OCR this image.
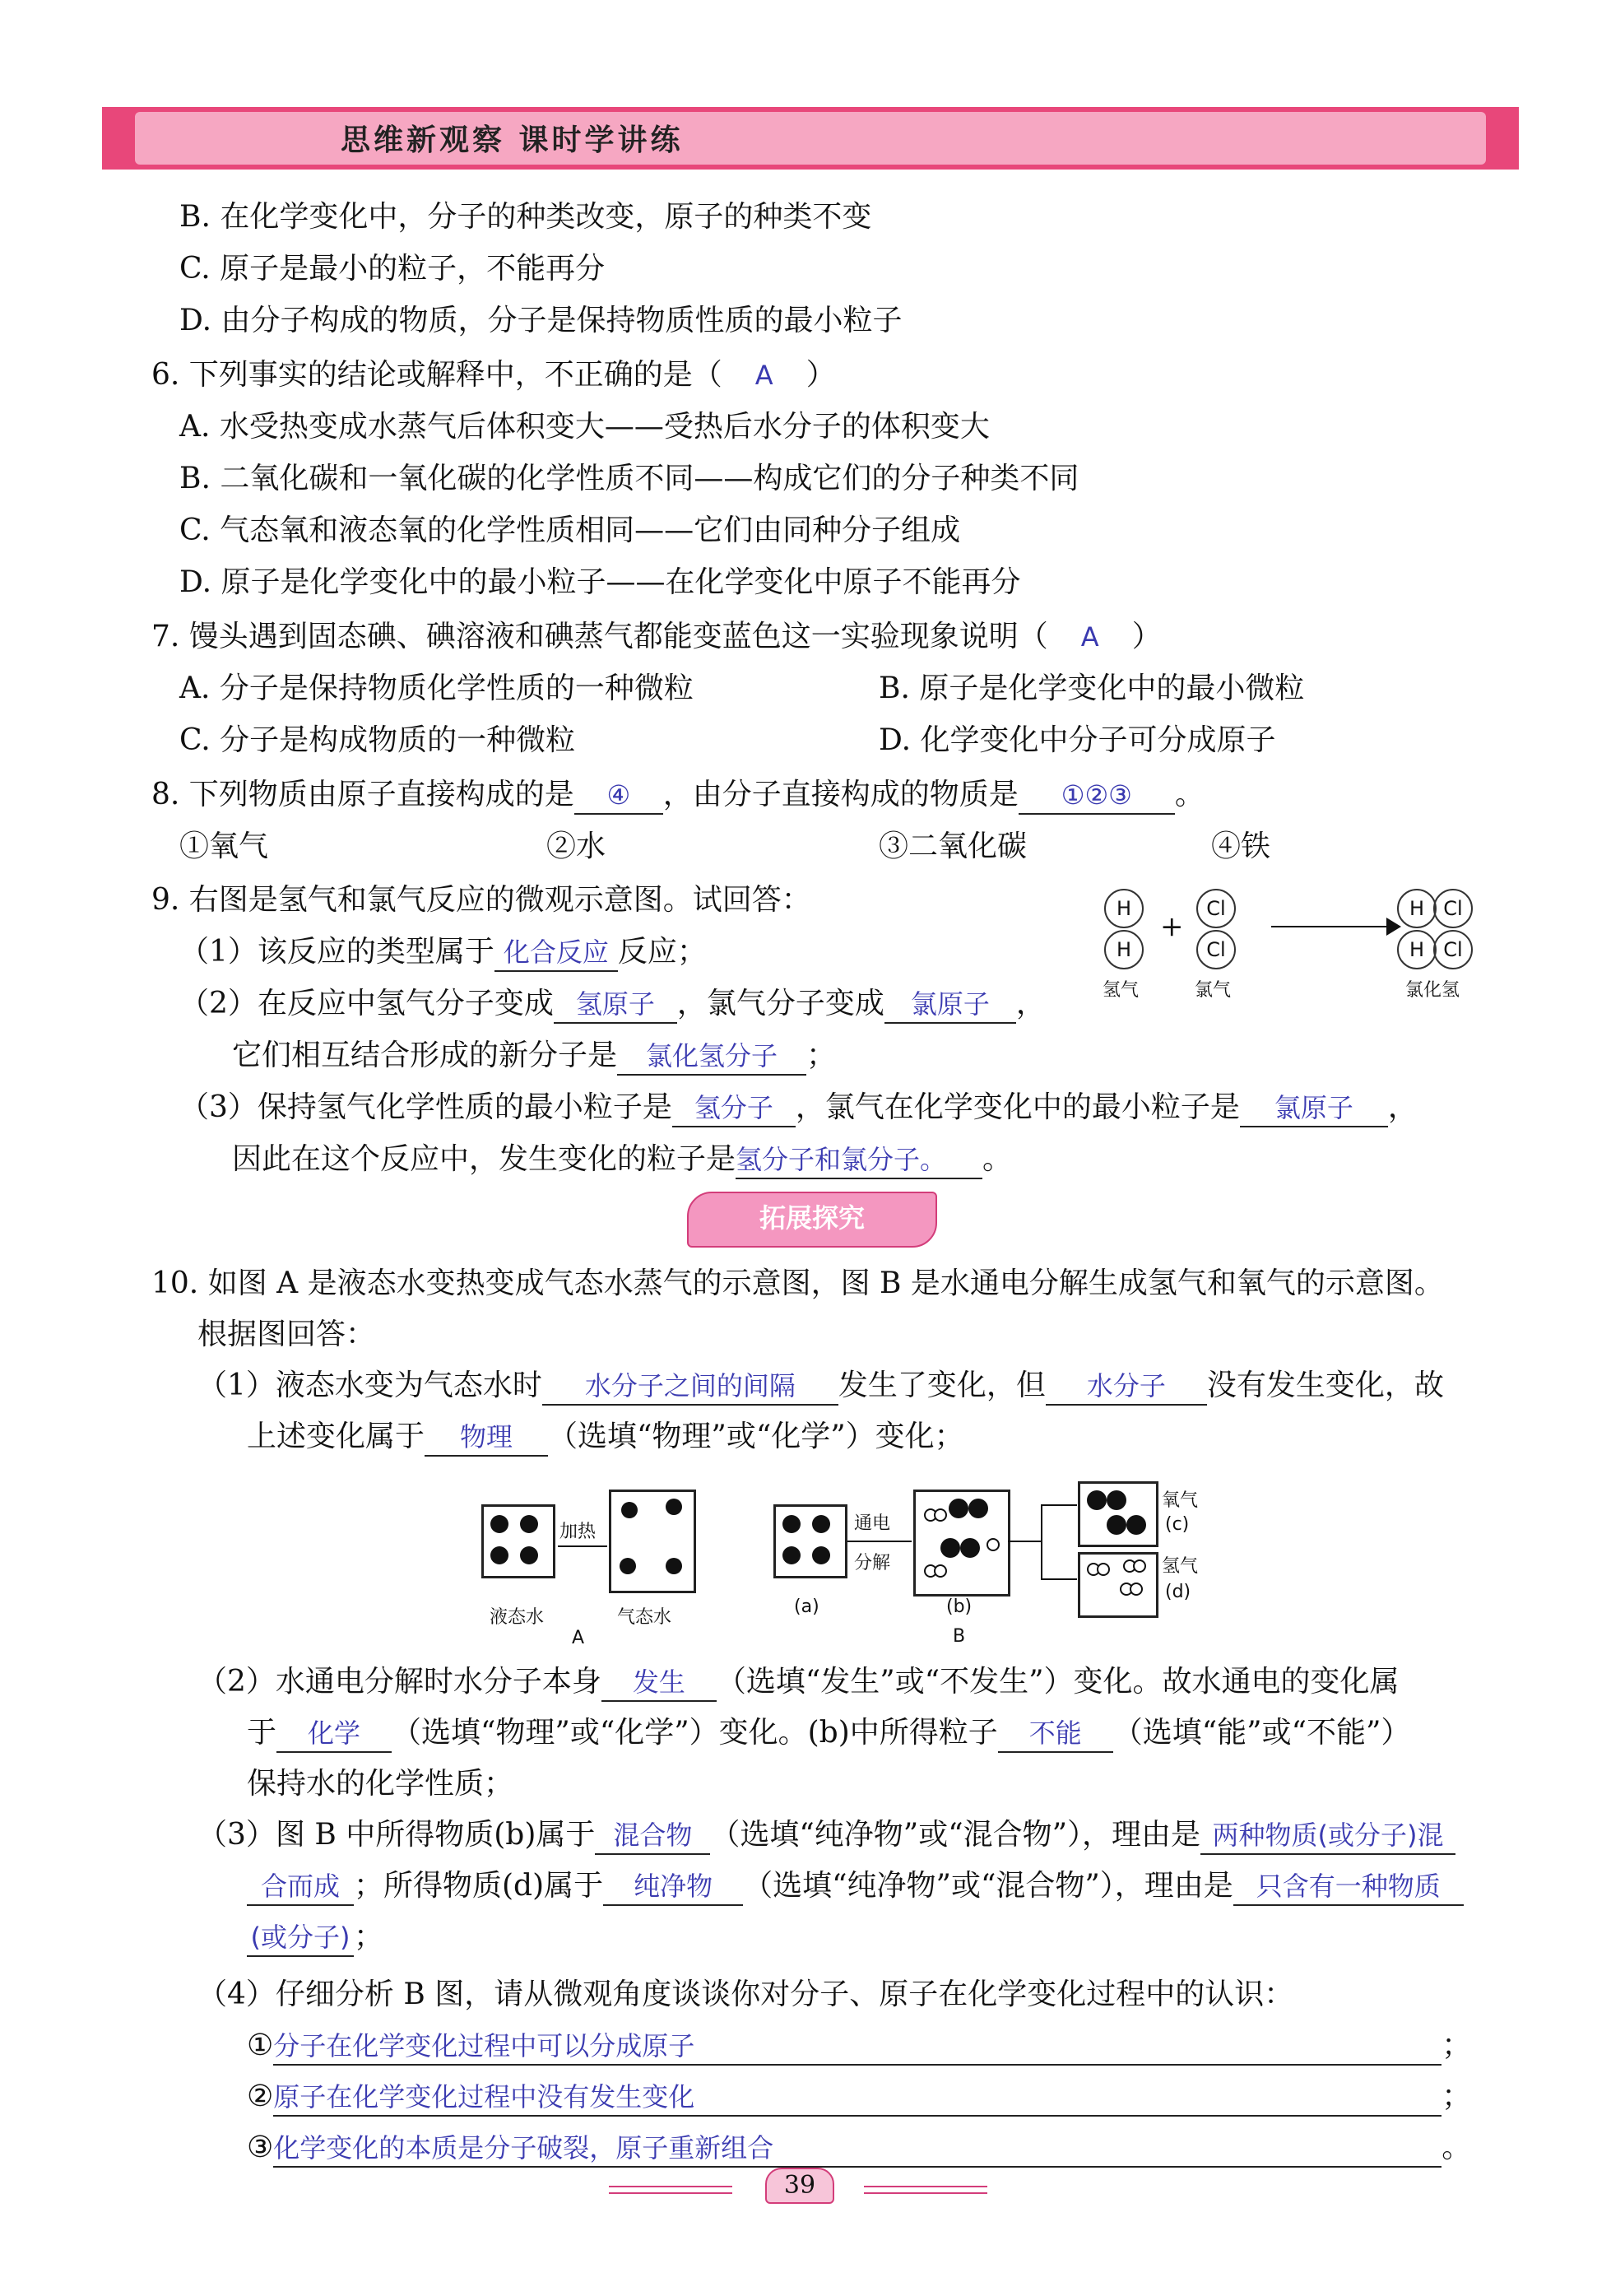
思维新观察 课时学讲练
B. 在化学变化中，分子的种类改变，原子的种类不变
C. 原子是最小的粒子，不能再分
D. 由分子构成的物质，分子是保持物质性质的最小粒子
6. 下列事实的结论或解释中，不正确的是（ A ）
A. 水受热变成水蒸气后体积变大——受热后水分子的体积变大
B. 二氧化碳和一氧化碳的化学性质不同——构成它们的分子种类不同
C. 气态氧和液态氧的化学性质相同——它们由同种分子组成
D. 原子是化学变化中的最小粒子——在化学变化中原子不能再分
7. 馒头遇到固态碘、碘溶液和碘蒸气都能变蓝色这一实验现象说明（ A ）
A. 分子是保持物质化学性质的一种微粒	B. 原子是化学变化中的最小微粒
C. 分子是构成物质的一种微粒	D. 化学变化中分子可分成原子
8. 下列物质由原子直接构成的是 ④ ，由分子直接构成的物质是 ①②③ 。
①氧气	②水	③二氧化碳	④铁
9. 右图是氢气和氯气反应的微观示意图。试回答：
（1）该反应的类型属于 化合反应 反应；
（2）在反应中氢气分子变成 氢原子 ，氯气分子变成 氯原子 ，
它们相互结合形成的新分子是 氯化氢分子 ；
（3）保持氢气化学性质的最小粒子是 氢分子 ，氯气在化学变化中的最小粒子是 氯原子 ，
因此在这个反应中，发生变化的粒子是氢分子和氯分子。 。
H
H
+
Cl
Cl
H Cl
H Cl
氢气	氯气	氯化氢
拓展探究
10. 如图 A 是液态水变热变成气态水蒸气的示意图，图 B 是水通电分解生成氢气和氧气的示意图。
根据图回答：
（1）液态水变为气态水时 水分子之间的间隔 发生了变化，但 水分子 没有发生变化，故
上述变化属于 物理 （选填“物理”或“化学”）变化；
加热
液态水	气态水
A
通电
分解
氧气
(c)
氢气
(d)
(a)	(b)
B
（2）水通电分解时水分子本身 发生 （选填“发生”或“不发生”）变化。故水通电的变化属
于 化学 （选填“物理”或“化学”）变化。(b)中所得粒子 不能 （选填“能”或“不能”）
保持水的化学性质；
（3）图 B 中所得物质(b)属于 混合物 （选填“纯净物”或“混合物”），理由是 两种物质(或分子)混
合而成 ；所得物质(d)属于 纯净物 （选填“纯净物”或“混合物”），理由是 只含有一种物质
(或分子) ；
（4）仔细分析 B 图，请从微观角度谈谈你对分子、原子在化学变化过程中的认识：
①分子在化学变化过程中可以分成原子	；
②原子在化学变化过程中没有发生变化	；
③化学变化的本质是分子破裂，原子重新组合	。
39
